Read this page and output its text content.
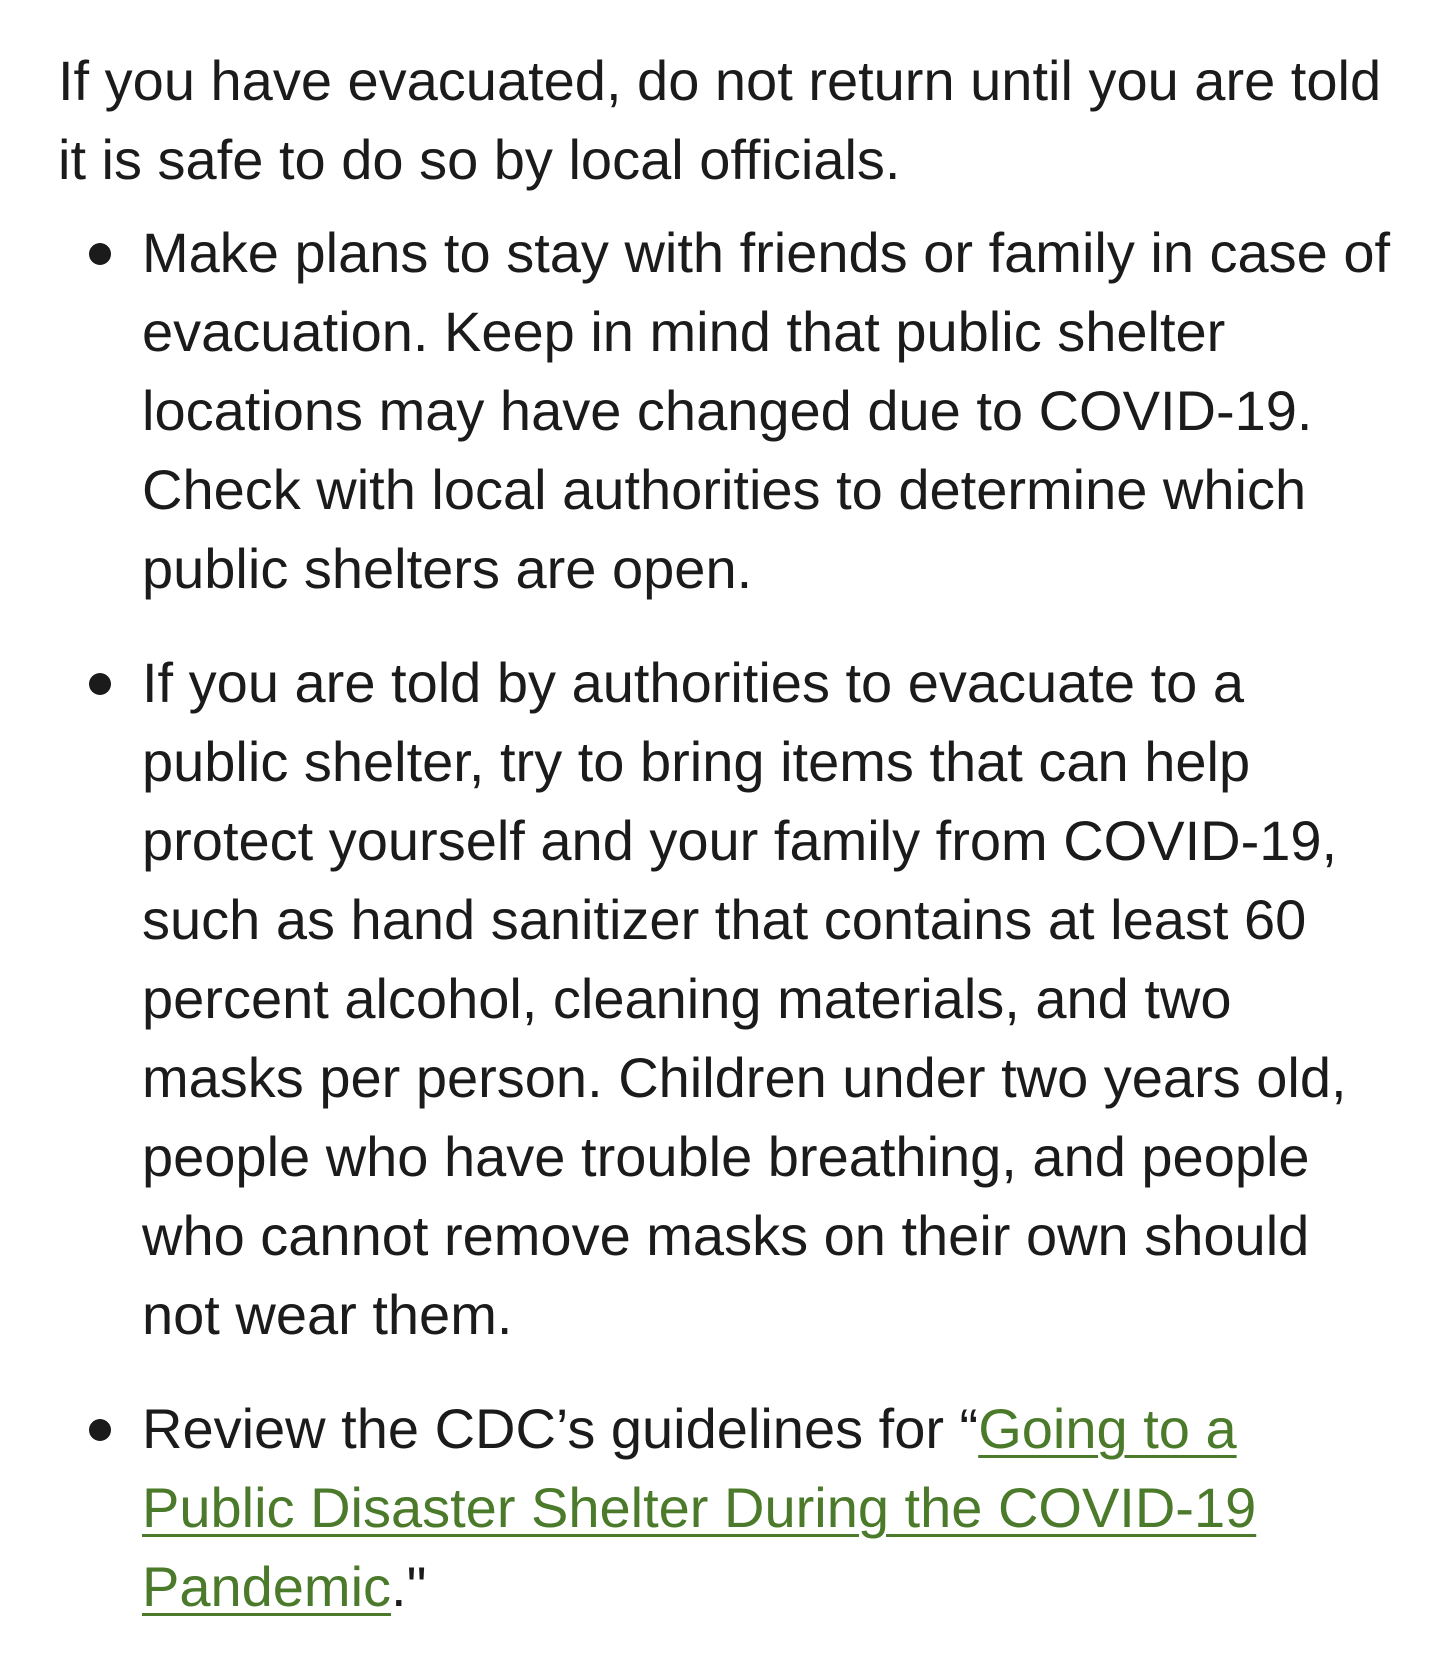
If you have evacuated, do not return until you are told it is safe to do so by local officials.

Make plans to stay with friends or family in case of evacuation. Keep in mind that public shelter locations may have changed due to COVID-19. Check with local authorities to determine which public shelters are open.
If you are told by authorities to evacuate to a public shelter, try to bring items that can help protect yourself and your family from COVID-19, such as hand sanitizer that contains at least 60 percent alcohol, cleaning materials, and two masks per person. Children under two years old, people who have trouble breathing, and people who cannot remove masks on their own should not wear them.
Review the CDC’s guidelines for “Going to a Public Disaster Shelter During the COVID-19 Pandemic."
